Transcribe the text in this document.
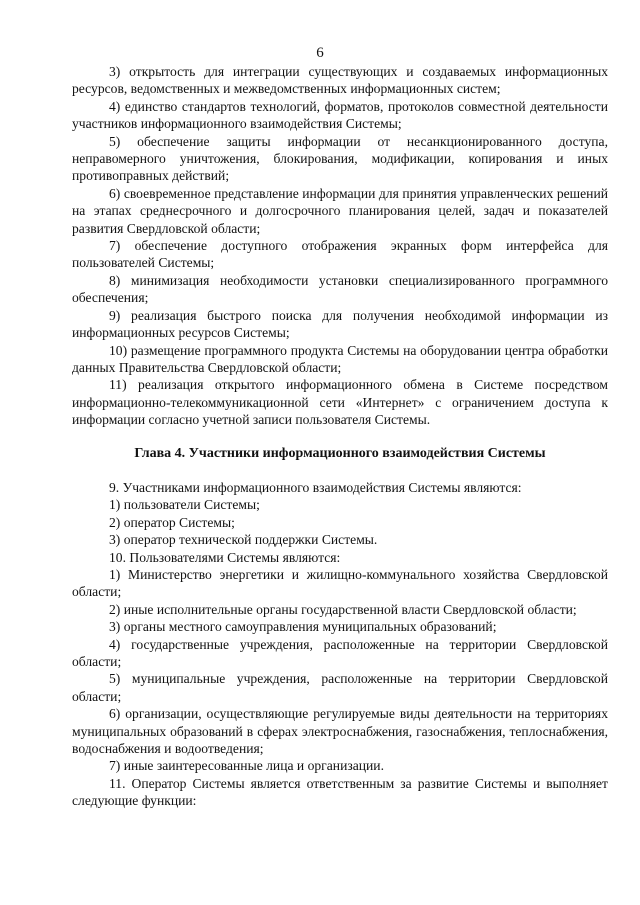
6

3) открытость для интеграции существующих и создаваемых информационных ресурсов, ведомственных и межведомственных информационных систем;

4) единство стандартов технологий, форматов, протоколов совместной деятельности участников информационного взаимодействия Системы;

5) обеспечение защиты информации от несанкционированного доступа, неправомерного уничтожения, блокирования, модификации, копирования и иных противоправных действий;

6) своевременное представление информации для принятия управленческих решений на этапах среднесрочного и долгосрочного планирования целей, задач и показателей развития Свердловской области;

7) обеспечение доступного отображения экранных форм интерфейса для пользователей Системы;

8) минимизация необходимости установки специализированного программного обеспечения;

9) реализация быстрого поиска для получения необходимой информации из информационных ресурсов Системы;

10) размещение программного продукта Системы на оборудовании центра обработки данных Правительства Свердловской области;

11) реализация открытого информационного обмена в Системе посредством информационно-телекоммуникационной сети «Интернет» с ограничением доступа к информации согласно учетной записи пользователя Системы.

Глава 4. Участники информационного взаимодействия Системы

9. Участниками информационного взаимодействия Системы являются:

1) пользователи Системы;

2) оператор Системы;

3) оператор технической поддержки Системы.

10. Пользователями Системы являются:

1) Министерство энергетики и жилищно-коммунального хозяйства Свердловской области;

2) иные исполнительные органы государственной власти Свердловской области;

3) органы местного самоуправления муниципальных образований;

4) государственные учреждения, расположенные на территории Свердловской области;

5) муниципальные учреждения, расположенные на территории Свердловской области;

6) организации, осуществляющие регулируемые виды деятельности на территориях муниципальных образований в сферах электроснабжения, газоснабжения, теплоснабжения, водоснабжения и водоотведения;

7) иные заинтересованные лица и организации.

11. Оператор Системы является ответственным за развитие Системы и выполняет следующие функции:
